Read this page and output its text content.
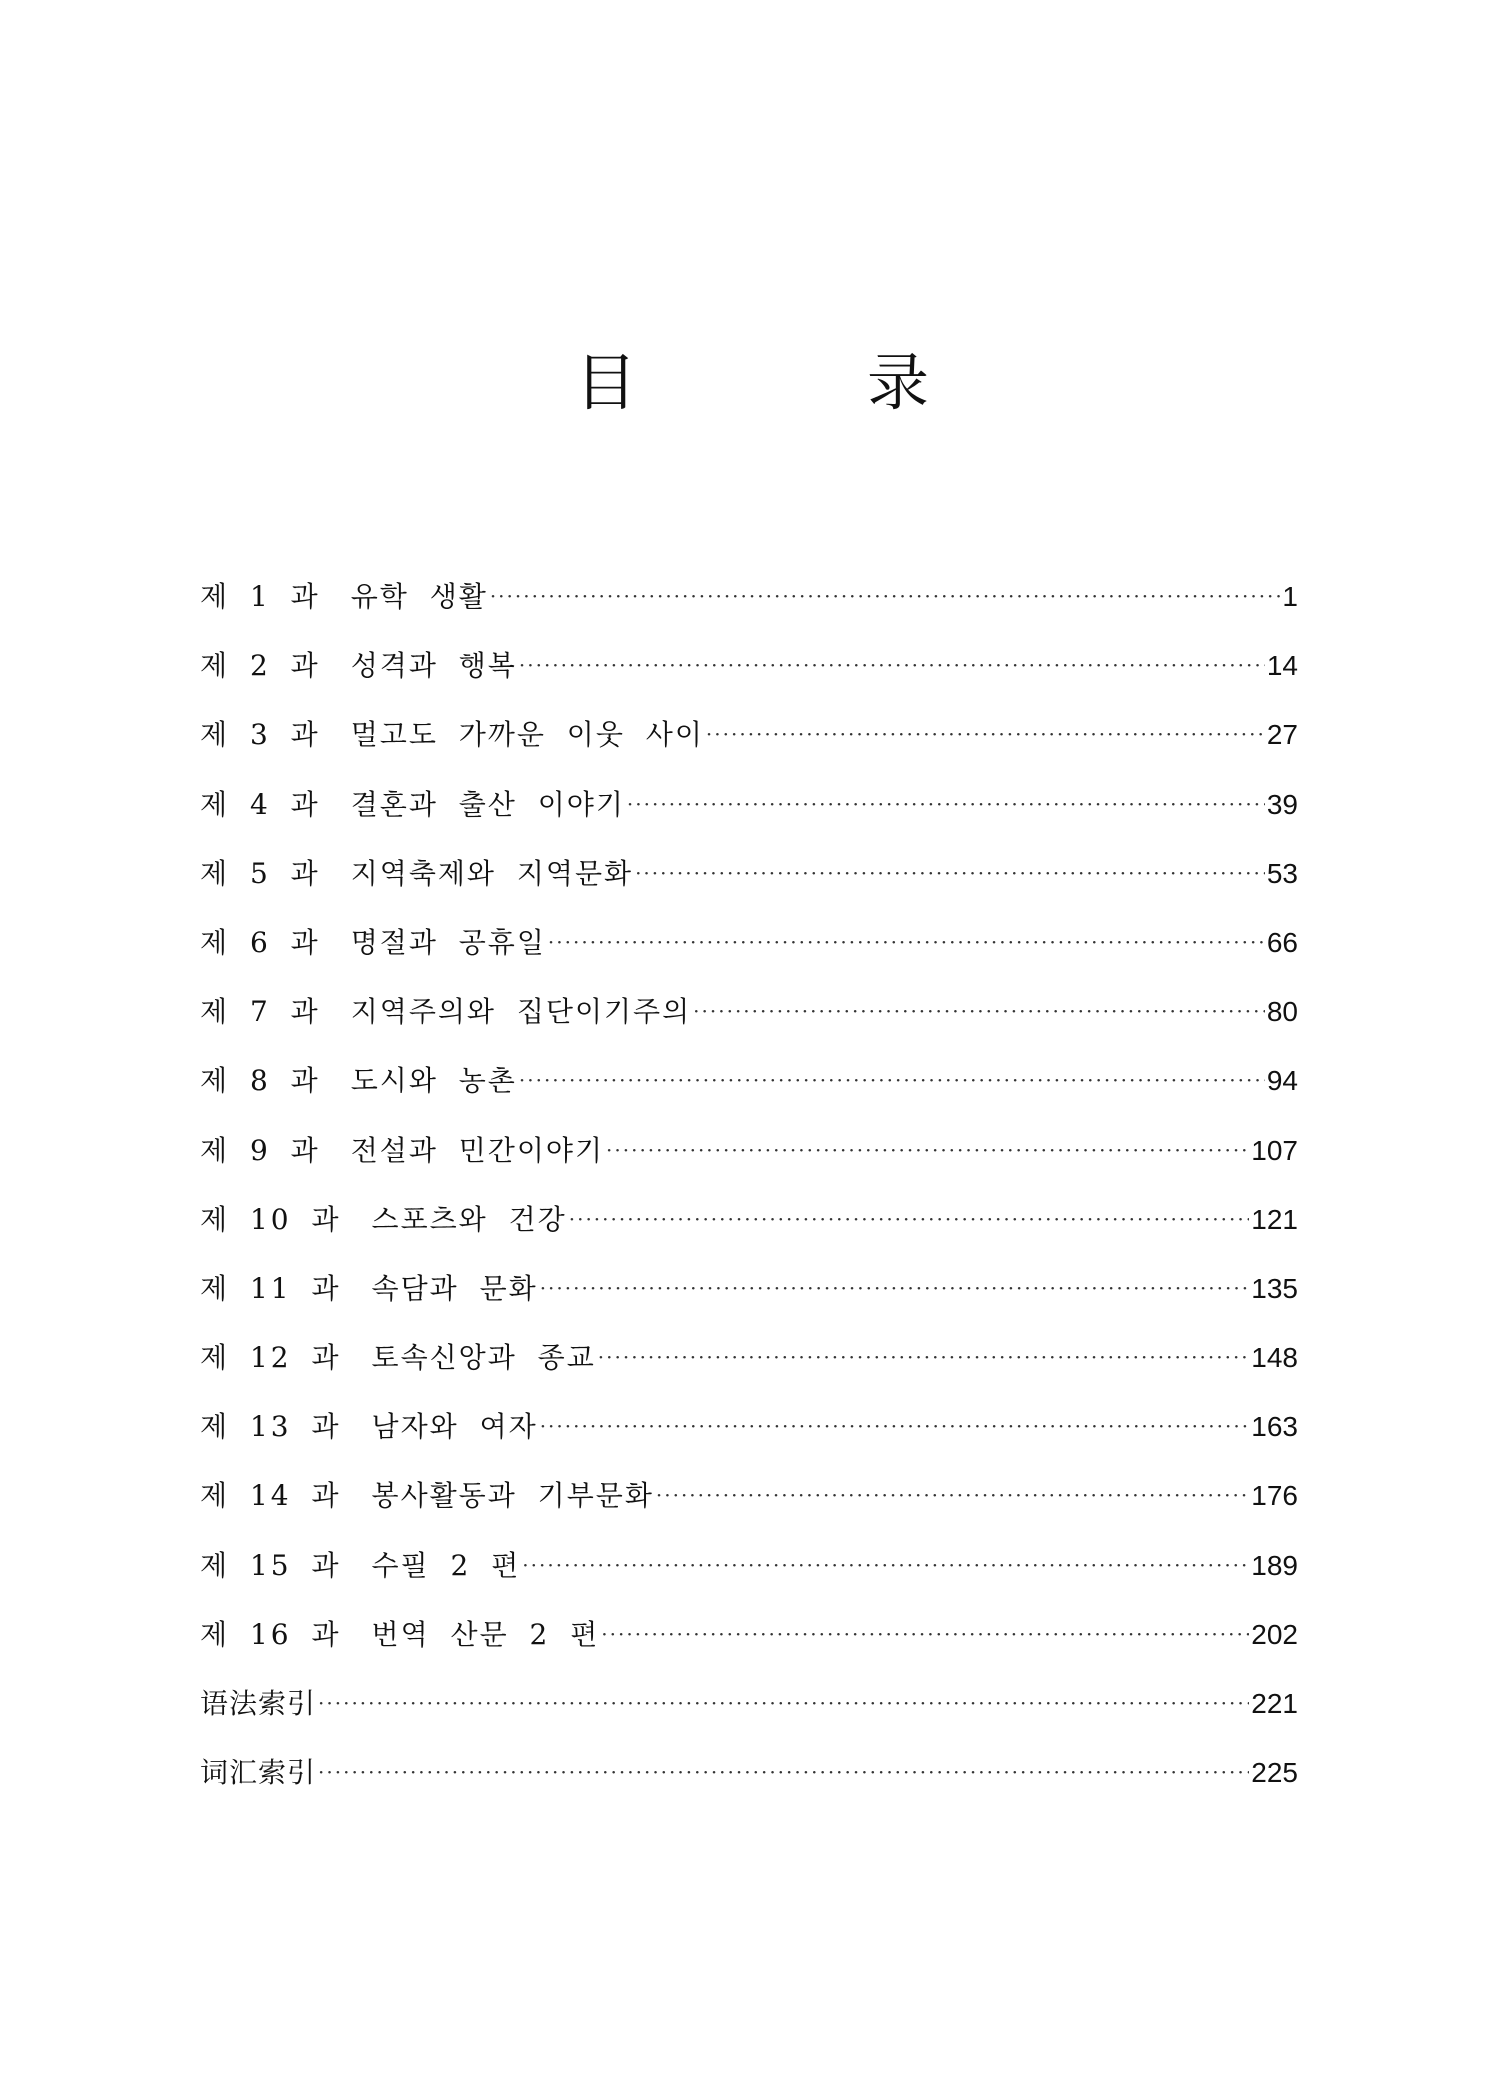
目　录
제 1 과 유학 생활 ·····	1
제 2 과 성격과 행복 ·····	14
제 3 과 멀고도 가까운 이웃 사이 ·····	27
제 4 과 결혼과 출산 이야기 ·····	39
제 5 과 지역축제와 지역문화 ·····	53
제 6 과 명절과 공휴일 ·····	66
제 7 과 지역주의와 집단이기주의 ·····	80
제 8 과 도시와 농촌 ·····	94
제 9 과 전설과 민간이야기 ·····	107
제 10 과 스포츠와 건강 ·····	121
제 11 과 속담과 문화 ·····	135
제 12 과 토속신앙과 종교 ·····	148
제 13 과 남자와 여자 ·····	163
제 14 과 봉사활동과 기부문화 ·····	176
제 15 과 수필 2 편 ·····	189
제 16 과 번역 산문 2 편 ·····	202
语法索引 ·····	221
词汇索引 ·····	225
